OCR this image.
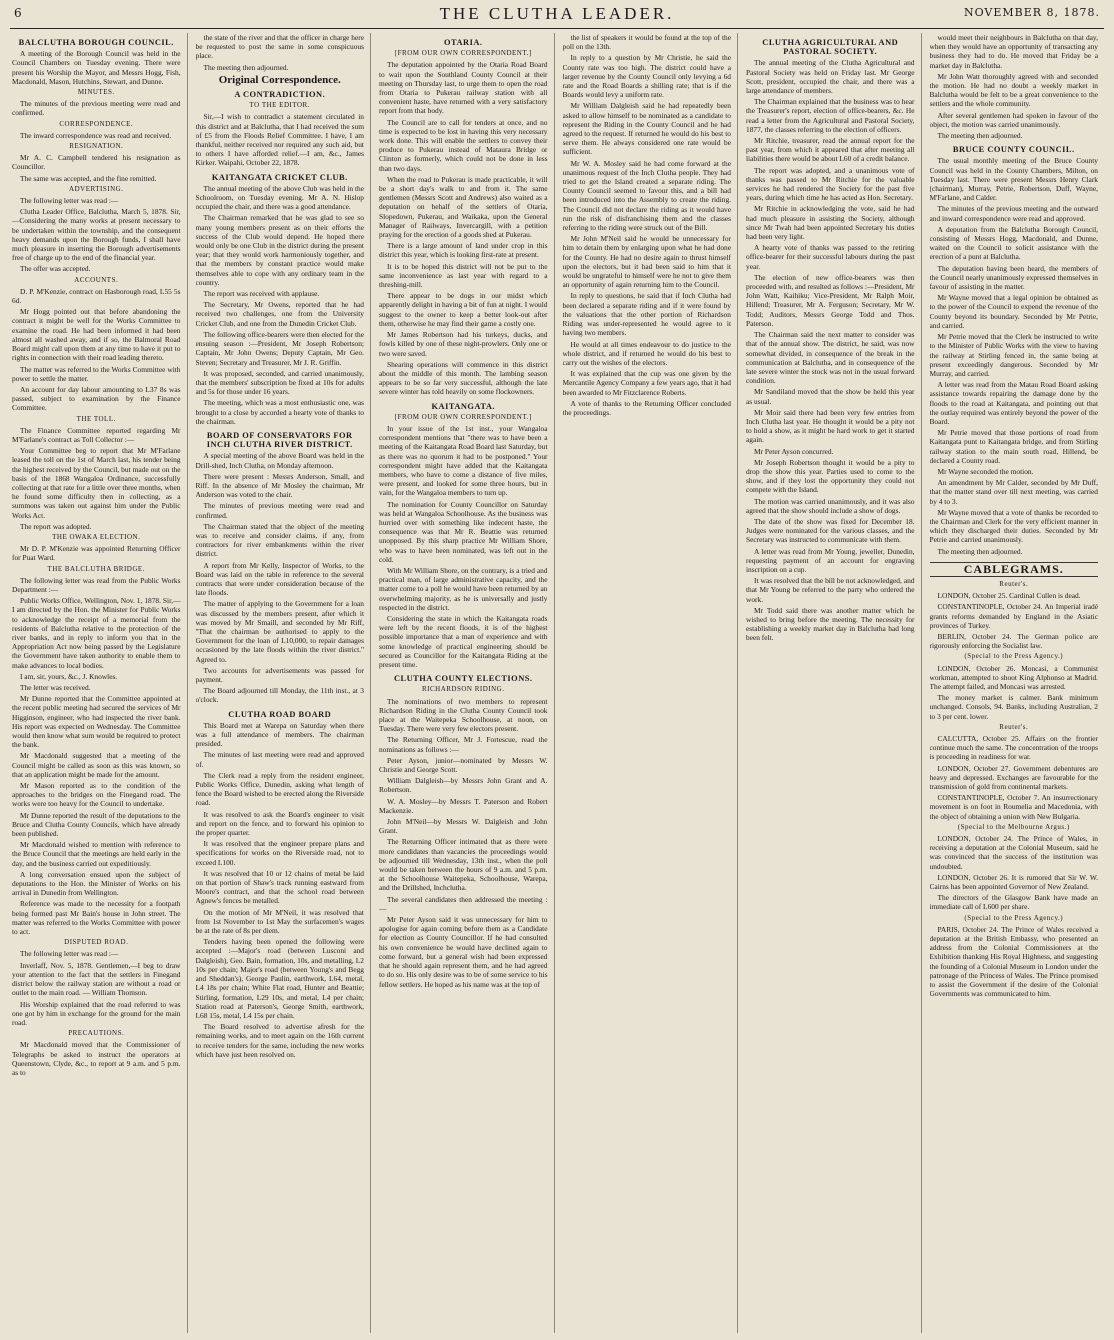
6	THE CLUTHA LEADER.	NOVEMBER 8, 1878.
BALCLUTHA BOROUGH COUNCIL.

A meeting of the Borough Council was held in the Council Chambers on Tuesday evening. There were present his Worship the Mayor, and Messrs Hogg, Fish, Macdonald, Mason, Hutchins, Stewart, and Dunne.

MINUTES.

The minutes of the previous meeting were read and confirmed.

CORRESPONDENCE.

The inward correspondence was read and received.

RESIGNATION.

Mr A. C. Campbell tendered his resignation as Councillor.

The same was accepted, and the fine remitted.

ADVERTISING.

The following letter was read :—

Clutha Leader Office, Balclutha, March 5, 1878. Sir,—Considering the many works at present necessary to be undertaken within the township, and the consequent heavy demands upon the Borough funds, I shall have much pleasure in inserting the Borough advertisements free of charge up to the end of the financial year.

The offer was accepted.

ACCOUNTS.

D. P. M'Kenzie, contract on Hasborough road, L55 5s 6d.

Mr Hogg pointed out that before abandoning the contract it might be well for the Works Committee to examine the road. He had been informed it had been almost all washed away, and if so, the Balmoral Road Board might call upon them at any time to have it put to rights in connection with their road leading thereto.

The matter was referred to the Works Committee with power to settle the matter.

An account for day labour amounting to L37 8s was passed, subject to examination by the Finance Committee.

THE TOLL.

The Finance Committee reported regarding Mr M'Farlane's contract as Toll Collector :—

Your Committee beg to report that Mr M'Farlane leased the toll on the 1st of March last, his tender being the highest received by the Council, but made out on the basis of the 1868 Wangaloa Ordinance, successfully collecting at that rate for a little over three months, when he found some difficulty then in collecting, as a summons was taken out against him under the Public Works Act.

The report was adopted.

THE OWAKA ELECTION.

Mr D. P. M'Kenzie was appointed Returning Officer for Puat Ward.

THE BALCLUTHA BRIDGE.

The following letter was read from the Public Works Department :—

Public Works Office, Wellington, Nov. 1, 1878. Sir,—I am directed by the Hon. the Minister for Public Works to acknowledge the receipt of a memorial from the residents of Balclutha relative to the protection of the river banks, and in reply to inform you that in the Appropriation Act now being passed by the Legislature the Government have taken authority to enable them to make advances to local bodies.

I am, sir, yours, &c., J. Knowles.

The letter was received.

Mr Dunne reported that the Committee appointed at the recent public meeting had secured the services of Mr Higginson, engineer, who had inspected the river bank. His report was expected on Wednesday. The Committee would then know what sum would be required to protect the bank.

Mr Macdonald suggested that a meeting of the Council might be called as soon as this was known, so that an application might be made for the amount.

Mr Mason reported as to the condition of the approaches to the bridges on the Finegand road. The works were too heavy for the Council to undertake.

Mr Dunne reported the result of the deputations to the Bruce and Clutha County Councils, which have already been published.

Mr Macdonald wished to mention with reference to the Bruce Council that the meetings are held early in the day, and the business carried out expeditiously.

A long conversation ensued upon the subject of deputations to the Hon. the Minister of Works on his arrival in Dunedin from Wellington.

Reference was made to the necessity for a footpath being formed past Mr Bain's house in John street. The matter was referred to the Works Committee with power to act.

DISPUTED ROAD.

The following letter was read :—

Inverlaff, Nov. 5, 1878. Gentlemen,—I beg to draw your attention to the fact that the settlers in Finegand district below the railway station are without a road or outlet to the main road. — William Thomson.

His Worship explained that the road referred to was one got by him in exchange for the ground for the main road.

PRECAUTIONS.

Mr Macdonald moved that the Commissioner of Telegraphs be asked to instruct the operators at Queenstown, Clyde, &c., to report at 9 a.m. and 5 p.m. as to

the state of the river and that the officer in charge here be requested to post the same in some conspicuous place.

The meeting then adjourned.

Original Correspondence.
A CONTRADICTION.
TO THE EDITOR.

Sir,—I wish to contradict a statement circulated in this district and at Balclutha, that I had received the sum of £5 from the Floods Relief Committee. I have, I am thankful, neither received nor required any such aid, but to others I have afforded relief.—I am, &c., James Kirker. Waipahi, October 22, 1878.

KAITANGATA CRICKET CLUB.

The annual meeting of the above Club was held in the Schoolroom, on Tuesday evening. Mr A. N. Hislop occupied the chair, and there was a good attendance.

The Chairman remarked that he was glad to see so many young members present as on their efforts the success of the Club would depend. He hoped there would only be one Club in the district during the present year; that they would work harmoniously together, and that the members by constant practice would make themselves able to cope with any ordinary team in the country.

The report was received with applause.

The Secretary, Mr Owens, reported that he had received two challenges, one from the University Cricket Club, and one from the Dunedin Cricket Club.

The following office-bearers were then elected for the ensuing season :—President, Mr Joseph Robertson; Captain, Mr John Owens; Deputy Captain, Mr Geo. Steven; Secretary and Treasurer, Mr J. R. Griffin.

It was proposed, seconded, and carried unanimously, that the members' subscription be fixed at 10s for adults and 5s for those under 16 years.

The meeting, which was a most enthusiastic one, was brought to a close by accorded a hearty vote of thanks to the chairman.

BOARD OF CONSERVATORS FOR INCH CLUTHA RIVER DISTRICT.

A special meeting of the above Board was held in the Drill-shed, Inch Clutha, on Monday afternoon.

There were present : Messrs Anderson, Small, and Riff. In the absence of Mr Mosley the chairman, Mr Anderson was voted to the chair.

The minutes of previous meeting were read and confirmed.

The Chairman stated that the object of the meeting was to receive and consider claims, if any, from contractors for river embankments within the river district.

A report from Mr Kelly, Inspector of Works, to the Board was laid on the table in reference to the several contracts that were under consideration because of the late floods.

The matter of applying to the Government for a loan was discussed by the members present, after which it was moved by Mr Smaill, and seconded by Mr Riff, "That the chairman be authorised to apply to the Government for the loan of L10,000, to repair damages occasioned by the late floods within the river district." Agreed to.

Two accounts for advertisements was passed for payment.

The Board adjourned till Monday, the 11th inst., at 3 o'clock.

CLUTHA ROAD BOARD

This Board met at Warepa on Saturday when there was a full attendance of members. The chairman presided.

The minutes of last meeting were read and approved of.

The Clerk read a reply from the resident engineer, Public Works Office, Dunedin, asking what length of fence the Board wished to be erected along the Riverside road.

It was resolved to ask the Board's engineer to visit and report on the fence, and to forward his opinion to the proper quarter.

It was resolved that the engineer prepare plans and specifications for works on the Riverside road, not to exceed L100.

It was resolved that 10 or 12 chains of metal be laid on that portion of Shaw's track running eastward from Moore's contract, and that the school road between Agnew's fences be metalled.

On the motion of Mr M'Neil, it was resolved that from 1st November to 1st May the surfacemen's wages be at the rate of 8s per diem.

Tenders having been opened the following were accepted :—Major's road (between Lusconi and Dalgleish), Geo. Bain, formation, 10s, and metalling, L2 10s per chain; Major's road (between Young's and Begg and Sheddan's), George Paulin, earthwork, L64, metal, L4 18s per chain; White Flat road, Hunter and Beattie; Stirling, formation, L29 10s, and metal, L4 per chain; Station road at Paterson's, George Smith, earthwork, L68 15s, metal, L4 15s per chain.

The Board resolved to advertise afresh for the remaining works, and to meet again on the 16th current to receive tenders for the same, including the new works which have just been resolved on.

OTARIA.
[FROM OUR OWN CORRESPONDENT.]

The deputation appointed by the Otaria Road Board to wait upon the Southland County Council at their meeting on Thursday last, to urge them to open the road from Otaria to Pukerau railway station with all convenient haste, have returned with a very satisfactory report from that body.

The Council are to call for tenders at once, and no time is expected to be lost in having this very necessary work done. This will enable the settlers to convey their produce to Pukerau instead of Mataura Bridge or Clinton as formerly, which could not be done in less than two days.

When the road to Pukerau is made practicable, it will be a short day's walk to and from it. The same gentlemen (Messrs Scott and Andrews) also waited as a deputation on behalf of the settlers of Otaria, Slopedown, Pukerau, and Waikaka, upon the General Manager of Railways, Invercargill, with a petition praying for the erection of a goods shed at Pukerau.

There is a large amount of land under crop in this district this year, which is looking first-rate at present.

It is to be hoped this district will not be put to the same inconvenience as last year with regard to a threshing-mill.

There appear to be dogs in our midst which apparently delight in having a bit of fun at night. I would suggest to the owner to keep a better look-out after them, otherwise he may find their game a costly one.

Mr James Robertson had his turkeys, ducks, and fowls killed by one of these night-prowlers. Only one or two were saved.

Shearing operations will commence in this district about the middle of this month. The lambing season appears to be so far very successful, although the late severe winter has told heavily on some flockowners.

KAITANGATA.
[FROM OUR OWN CORRESPONDENT.]

In your issue of the 1st inst., your Wangaloa correspondent mentions that "there was to have been a meeting of the Kaitangata Road Board last Saturday, but as there was no quorum it had to be postponed." Your correspondent might have added that the Kaitangata members, who have to come a distance of five miles, were present, and looked for some three hours, but in vain, for the Wangaloa members to turn up.

The nomination for County Councillor on Saturday was held at Wangaloa Schoolhouse. As the business was hurried over with something like indecent haste, the consequence was that Mr R. Beattie was returned unopposed. By this sharp practice Mr William Shore, who was to have been nominated, was left out in the cold.

With Mr William Shore, on the contrary, is a tried and practical man, of large administrative capacity, and the matter come to a poll he would have been returned by an overwhelming majority, as he is universally and justly respected in the district.

Considering the state in which the Kaitangata roads were left by the recent floods, it is of the highest possible importance that a man of experience and with some knowledge of practical engineering should be secured as Councillor for the Kaitangata Riding at the present time.

CLUTHA COUNTY ELECTIONS.
RICHARDSON RIDING.

The nominations of two members to represent Richardson Riding in the Clutha County Council took place at the Waitepeka Schoolhouse, at noon, on Tuesday. There were very few electors present.

The Returning Officer, Mr J. Fortescue, read the nominations as follows :—

Peter Ayson, junior—nominated by Messrs W. Christie and George Scott.

William Dalgleish—by Messrs John Grant and A. Robertson.

W. A. Mosley—by Messrs T. Paterson and Robert Mackenzie.

John M'Neil—by Messrs W. Dalgleish and John Grant.

The Returning Officer intimated that as there were more candidates than vacancies the proceedings would be adjourned till Wednesday, 13th inst., when the poll would be taken between the hours of 9 a.m. and 5 p.m. at the Schoolhouse Waitepeka, Schoolhouse, Warepa, and the Drillshed, Inchclutha.

The several candidates then addressed the meeting :—

Mr Peter Ayson said it was unnecessary for him to apologise for again coming before them as a Candidate for election as County Councillor. If he had consulted his own convenience he would have declined again to come forward, but a general wish had been expressed that he should again represent them, and he had agreed to do so. His only desire was to be of some service to his fellow settlers. He hoped as his name was at the top of

the list of speakers it would be found at the top of the poll on the 13th.

In reply to a question by Mr Christie, he said the County rate was too high. The district could have a larger revenue by the County Council only levying a 6d rate and the Road Boards a shilling rate; that is if the Boards would levy a uniform rate.

Mr William Dalgleish said he had repeatedly been asked to allow himself to be nominated as a candidate to represent the Riding in the County Council and he had agreed to the request. If returned he would do his best to serve them. He always considered one rate would be sufficient.

Mr W. A. Mosley said he had come forward at the unanimous request of the Inch Clutha people. They had tried to get the Island created a separate riding. The County Council seemed to favour this, and a bill had been introduced into the Assembly to create the riding. The Council did not declare the riding as it would have run the risk of disfranchising them and the classes referring to the riding were struck out of the Bill.

Mr John M'Neil said he would be unnecessary for him to detain them by enlarging upon what he had done for the County. He had no desire again to thrust himself upon the electors, but it had been said to him that it would be ungrateful to himself were he not to give them an opportunity of again returning him to the Council.

In reply to questions, he said that if Inch Clutha had been declared a separate riding and if it were found by the valuations that the other portion of Richardson Riding was under-represented he would agree to it having two members.

He would at all times endeavour to do justice to the whole district, and if returned he would do his best to carry out the wishes of the electors.

It was explained that the cup was one given by the Mercantile Agency Company a few years ago, that it had been awarded to Mr Fitzclarence Roberts.

A vote of thanks to the Returning Officer concluded the proceedings.

CLUTHA AGRICULTURAL AND PASTORAL SOCIETY.

The annual meeting of the Clutha Agricultural and Pastoral Society was held on Friday last. Mr George Scott, president, occupied the chair, and there was a large attendance of members.

The Chairman explained that the business was to hear the Treasurer's report, election of office-bearers, &c. He read a letter from the Agricultural and Pastoral Society, 1877, the classes referring to the election of officers.

Mr Ritchie, treasurer, read the annual report for the past year, from which it appeared that after meeting all liabilities there would be about L60 of a credit balance.

The report was adopted, and a unanimous vote of thanks was passed to Mr Ritchie for the valuable services he had rendered the Society for the past five years, during which time he has acted as Hon. Secretary.

Mr Ritchie in acknowledging the vote, said he had had much pleasure in assisting the Society, although since Mr Twah had been appointed Secretary his duties had been very light.

A hearty vote of thanks was passed to the retiring office-bearer for their successful labours during the past year.

The election of new office-bearers was then proceeded with, and resulted as follows :—President, Mr John Watt, Kaihiku; Vice-President, Mr Ralph Moir, Hillend; Treasurer, Mr A. Ferguson; Secretary, Mr W. Todd; Auditors, Messrs George Todd and Thos. Paterson.

The Chairman said the next matter to consider was that of the annual show. The district, he said, was now somewhat divided, in consequence of the break in the communication at Balclutha, and in consequence of the late severe winter the stock was not in the usual forward condition.

Mr Sandiland moved that the show be held this year as usual.

Mr Moir said there had been very few entries from Inch Clutha last year. He thought it would be a pity not to hold a show, as it might be hard work to get it started again.

Mr Peter Ayson concurred.

Mr Joseph Robertson thought it would be a pity to drop the show this year. Parties used to come to the show, and if they lost the opportunity they could not compete with the Island.

The motion was carried unanimously, and it was also agreed that the show should include a show of dogs.

The date of the show was fixed for December 18. Judges were nominated for the various classes, and the Secretary was instructed to communicate with them.

A letter was read from Mr Young, jeweller, Dunedin, requesting payment of an account for engraving inscription on a cup.

It was resolved that the bill be not acknowledged, and that Mr Young be referred to the party who ordered the work.

Mr Todd said there was another matter which he wished to bring before the meeting. The necessity for establishing a weekly market day in Balclutha had long been felt.

would meet their neighbours in Balclutha on that day, when they would have an opportunity of transacting any business they had to do. He moved that Friday be a market day in Balclutha.

Mr John Watt thoroughly agreed with and seconded the motion. He had no doubt a weekly market in Balclutha would be felt to be a great convenience to the settlers and the whole community.

After several gentlemen had spoken in favour of the object, the motion was carried unanimously.

The meeting then adjourned.

BRUCE COUNTY COUNCIL.

The usual monthly meeting of the Bruce County Council was held in the County Chambers, Milton, on Tuesday last. There were present Messrs Henry Clark (chairman), Murray, Petrie, Robertson, Duff, Wayne, M'Farlane, and Calder.

The minutes of the previous meeting and the outward and inward correspondence were read and approved.

A deputation from the Balclutha Borough Council, consisting of Messrs Hogg, Macdonald, and Dunne, waited on the Council to solicit assistance with the erection of a punt at Balclutha.

The deputation having been heard, the members of the Council nearly unanimously expressed themselves in favour of assisting in the matter.

Mr Wayne moved that a legal opinion be obtained as to the power of the Council to expend the revenue of the County beyond its boundary. Seconded by Mr Petrie, and carried.

Mr Petrie moved that the Clerk be instructed to write to the Minister of Public Works with the view to having the railway at Stirling fenced in, the same being at present exceedingly dangerous. Seconded by Mr Murray, and carried.

A letter was read from the Matau Road Board asking assistance towards repairing the damage done by the floods to the road at Kaitangata, and pointing out that the outlay required was entirely beyond the power of the Board.

Mr Petrie moved that those portions of road from Kaitangata punt to Kaitangata bridge, and from Stirling railway station to the main south road, Hillend, be declared a County road.

Mr Wayne seconded the motion.

An amendment by Mr Calder, seconded by Mr Duff, that the matter stand over till next meeting, was carried by 4 to 3.

Mr Wayne moved that a vote of thanks be recorded to the Chairman and Clerk for the very efficient manner in which they discharged their duties. Seconded by Mr Petrie and carried unanimously.

The meeting then adjourned.

CABLEGRAMS.
Reuter's.

LONDON, October 25. Cardinal Cullen is dead.

CONSTANTINOPLE, October 24. An Imperial iradé grants reforms demanded by England in the Asiatic provinces of Turkey.

BERLIN, October 24. The German police are rigorously enforcing the Socialist law.

(Special to the Press Agency.)

LONDON, October 26. Moncasi, a Communist workman, attempted to shoot King Alphonso at Madrid. The attempt failed, and Moncasi was arrested.

The money market is calmer. Bank minimum unchanged. Consols, 94. Banks, including Australian, 2 to 3 per cent. lower.

Reuter's.

CALCUTTA, October 25. Affairs on the frontier continue much the same. The concentration of the troops is proceeding in readiness for war.

LONDON, October 27. Government debentures are heavy and depressed. Exchanges are favourable for the transmission of gold from continental markets.

CONSTANTINOPLE, October 7. An insurrectionary movement is on foot in Roumelia and Macedonia, with the object of obtaining a union with New Bulgaria.

(Special to the Melbourne Argus.)

LONDON, October 24. The Prince of Wales, in receiving a deputation at the Colonial Museum, said he was convinced that the success of the institution was undoubted.

LONDON, October 26. It is rumored that Sir W. W. Cairns has been appointed Governor of New Zealand.

The directors of the Glasgow Bank have made an immediate call of L600 per share.

(Special to the Press Agency.)

PARIS, October 24. The Prince of Wales received a deputation at the British Embassy, who presented an address from the Colonial Commissioners at the Exhibition thanking His Royal Highness, and suggesting the founding of a Colonial Museum in London under the patronage of the Princess of Wales. The Prince promised to assist the Government if the desire of the Colonial Governments was communicated to him.
